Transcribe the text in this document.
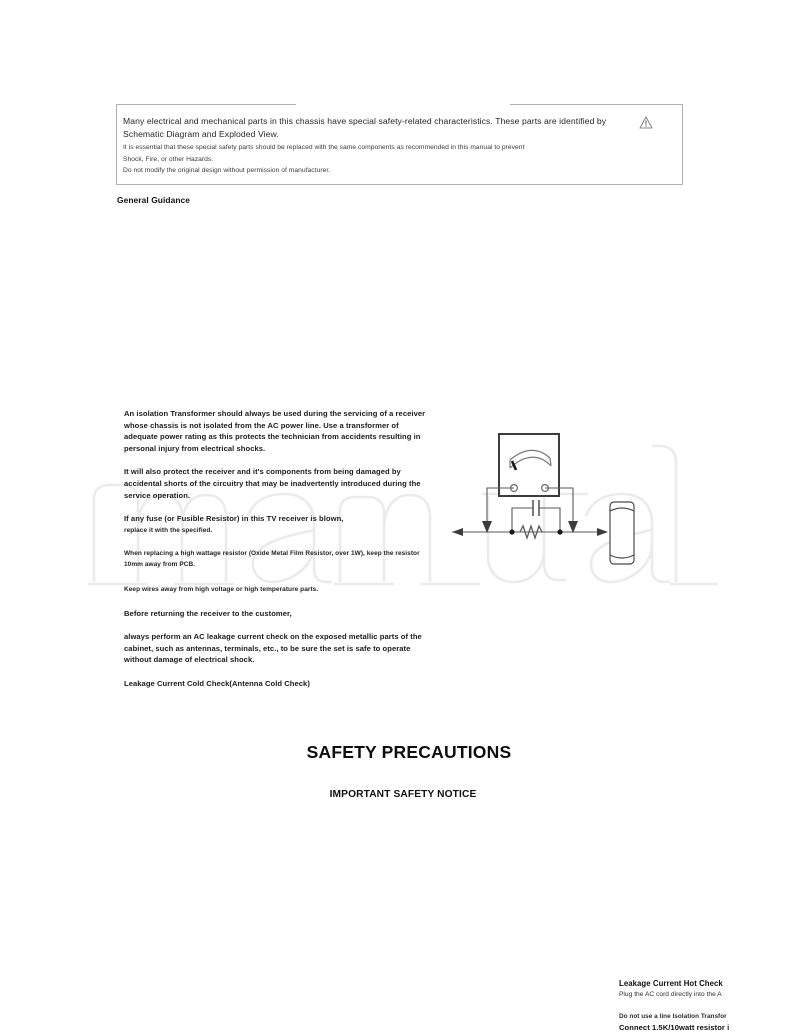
Many electrical and mechanical parts in this chassis have special safety-related characteristics. These parts are identified by Schematic Diagram and Exploded View.

It is essential that these special safety parts should be replaced with the same components as recommended in this manual to prevent

Shock, Fire, or other Hazards.

Do not modify the original design without permission of manufacturer.

General Guidance

An isolation Transformer should always be used during the servicing of a receiver whose chassis is not isolated from the AC power line. Use a transformer of adequate power rating as this protects the technician from accidents resulting in personal injury from electrical shocks.

It will also protect the receiver and it's components from being damaged by accidental shorts of the circuitry that may be inadvertently introduced during the service operation.

If any fuse (or Fusible Resistor) in this TV receiver is blown,

replace it with the specified.

When replacing a high wattage resistor (Oxide Metal Film Resistor, over 1W), keep the resistor 10mm away from PCB.

Keep wires away from high voltage or high temperature parts.

Before returning the receiver to the customer,

always perform an AC leakage current check on the exposed metallic parts of the cabinet, such as antennas, terminals, etc., to be sure the set is safe to operate without damage of electrical shock.

Leakage Current Cold Check(Antenna Cold Check)

SAFETY PRECAUTIONS
IMPORTANT SAFETY NOTICE
Leakage Current Hot Check
Plug the AC cord directly into the A
Do not use a line Isolation Transfor
Connect 1.5K/10watt resistor i
